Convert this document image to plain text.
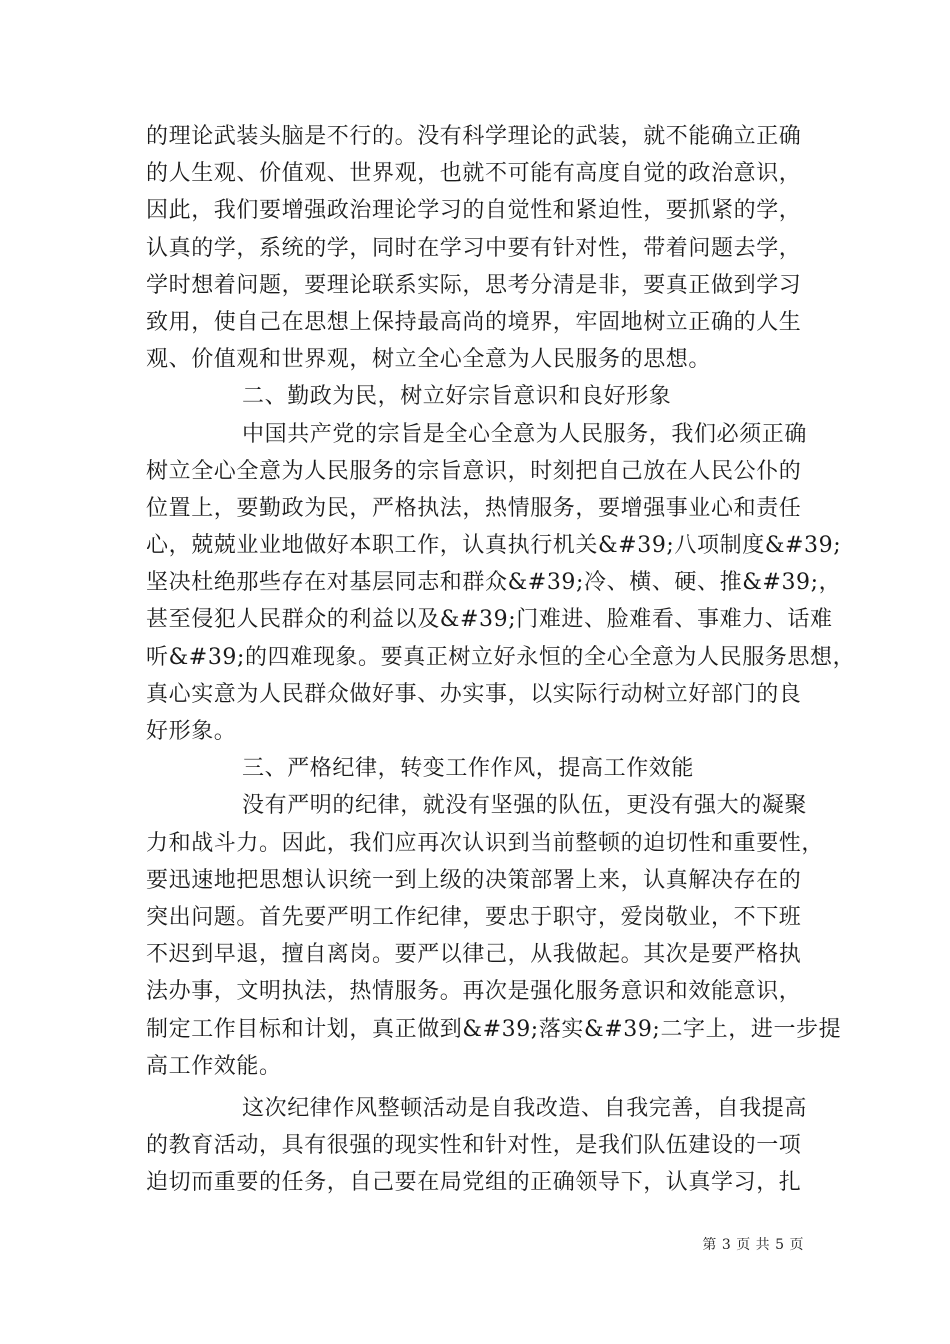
的理论武装头脑是不行的。没有科学理论的武装，就不能确立正确
的人生观、价值观、世界观，也就不可能有高度自觉的政治意识，
因此，我们要增强政治理论学习的自觉性和紧迫性，要抓紧的学，
认真的学，系统的学，同时在学习中要有针对性，带着问题去学，
学时想着问题，要理论联系实际，思考分清是非，要真正做到学习
致用，使自己在思想上保持最高尚的境界，牢固地树立正确的人生
观、价值观和世界观，树立全心全意为人民服务的思想。
二、勤政为民，树立好宗旨意识和良好形象
中国共产党的宗旨是全心全意为人民服务，我们必须正确
树立全心全意为人民服务的宗旨意识，时刻把自己放在人民公仆的
位置上，要勤政为民，严格执法，热情服务，要增强事业心和责任
心，兢兢业业地做好本职工作，认真执行机关&#39;八项制度&#39;
坚决杜绝那些存在对基层同志和群众&#39;冷、横、硬、推&#39;，
甚至侵犯人民群众的利益以及&#39;门难进、脸难看、事难力、话难
听&#39;的四难现象。要真正树立好永恒的全心全意为人民服务思想，
真心实意为人民群众做好事、办实事，以实际行动树立好部门的良
好形象。
三、严格纪律，转变工作作风，提高工作效能
没有严明的纪律，就没有坚强的队伍，更没有强大的凝聚
力和战斗力。因此，我们应再次认识到当前整顿的迫切性和重要性，
要迅速地把思想认识统一到上级的决策部署上来，认真解决存在的
突出问题。首先要严明工作纪律，要忠于职守，爱岗敬业，不下班
不迟到早退，擅自离岗。要严以律己，从我做起。其次是要严格执
法办事，文明执法，热情服务。再次是强化服务意识和效能意识，
制定工作目标和计划，真正做到&#39;落实&#39;二字上，进一步提
高工作效能。
这次纪律作风整顿活动是自我改造、自我完善，自我提高
的教育活动，具有很强的现实性和针对性，是我们队伍建设的一项
迫切而重要的任务，自己要在局党组的正确领导下，认真学习，扎
第 3 页 共 5 页
